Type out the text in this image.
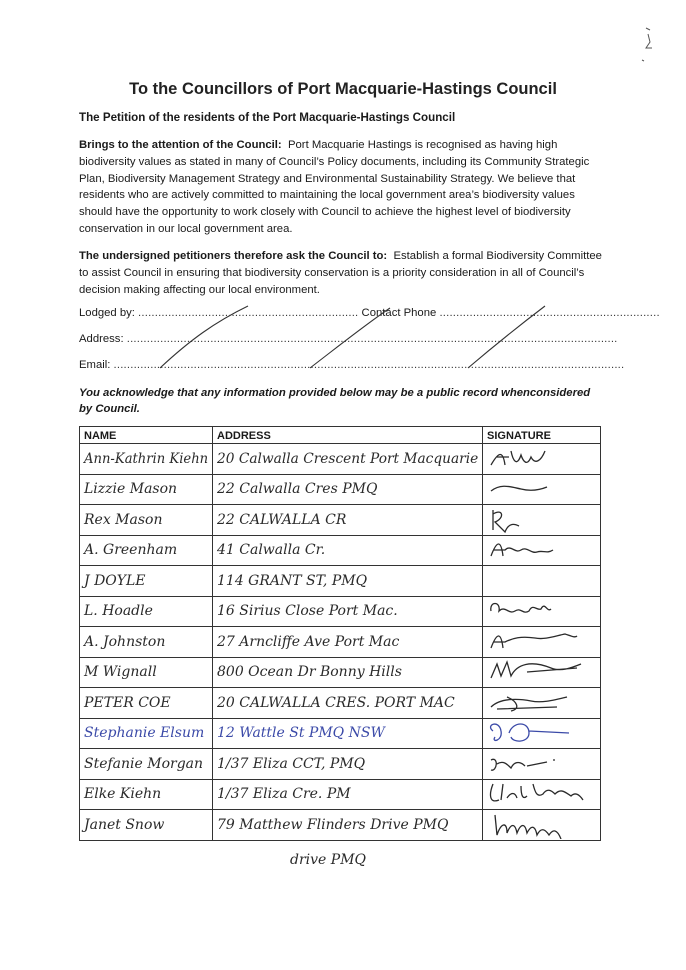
To the Councillors of Port Macquarie-Hastings Council
The Petition of the residents of the Port Macquarie-Hastings Council
Brings to the attention of the Council: Port Macquarie Hastings is recognised as having high biodiversity values as stated in many of Council’s Policy documents, including its Community Strategic Plan, Biodiversity Management Strategy and Environmental Sustainability Strategy. We believe that residents who are actively committed to maintaining the local government area’s biodiversity values should have the opportunity to work closely with Council to achieve the highest level of biodiversity conservation in our local government area.
The undersigned petitioners therefore ask the Council to: Establish a formal Biodiversity Committee to assist Council in ensuring that biodiversity conservation is a priority consideration in all of Council’s decision making affecting our local environment.
Lodged by: .................................................................. Contact Phone ..................................................................
Address: ...................................................................................................................................................
Email: .........................................................................................................................................................
You acknowledge that any information provided below may be a public record whenconsidered by Council.
NAME	ADDRESS	SIGNATURE
Ann-Kathrin Kiehn	20 Calwalla Crescent Port Macquarie	

Lizzie Mason	22 Calwalla Cres PMQ	

Rex Mason	22 CALWALLA CR	

A. Greenham	41 Calwalla Cr.	

J DOYLE	114 GRANT ST, PMQ	

L. Hoadle	16 Sirius Close Port Mac.	

A. Johnston	27 Arncliffe Ave Port Mac	

M Wignall	800 Ocean Dr Bonny Hills	

PETER COE	20 CALWALLA CRES. PORT MAC	

Stephanie Elsum	12 Wattle St PMQ NSW	

Stefanie Morgan	1/37 Eliza CCT, PMQ	

Elke Kiehn	1/37 Eliza Cre. PM	

Janet Snow	79 Matthew Flinders Drive PMQ	
drive PMQ
